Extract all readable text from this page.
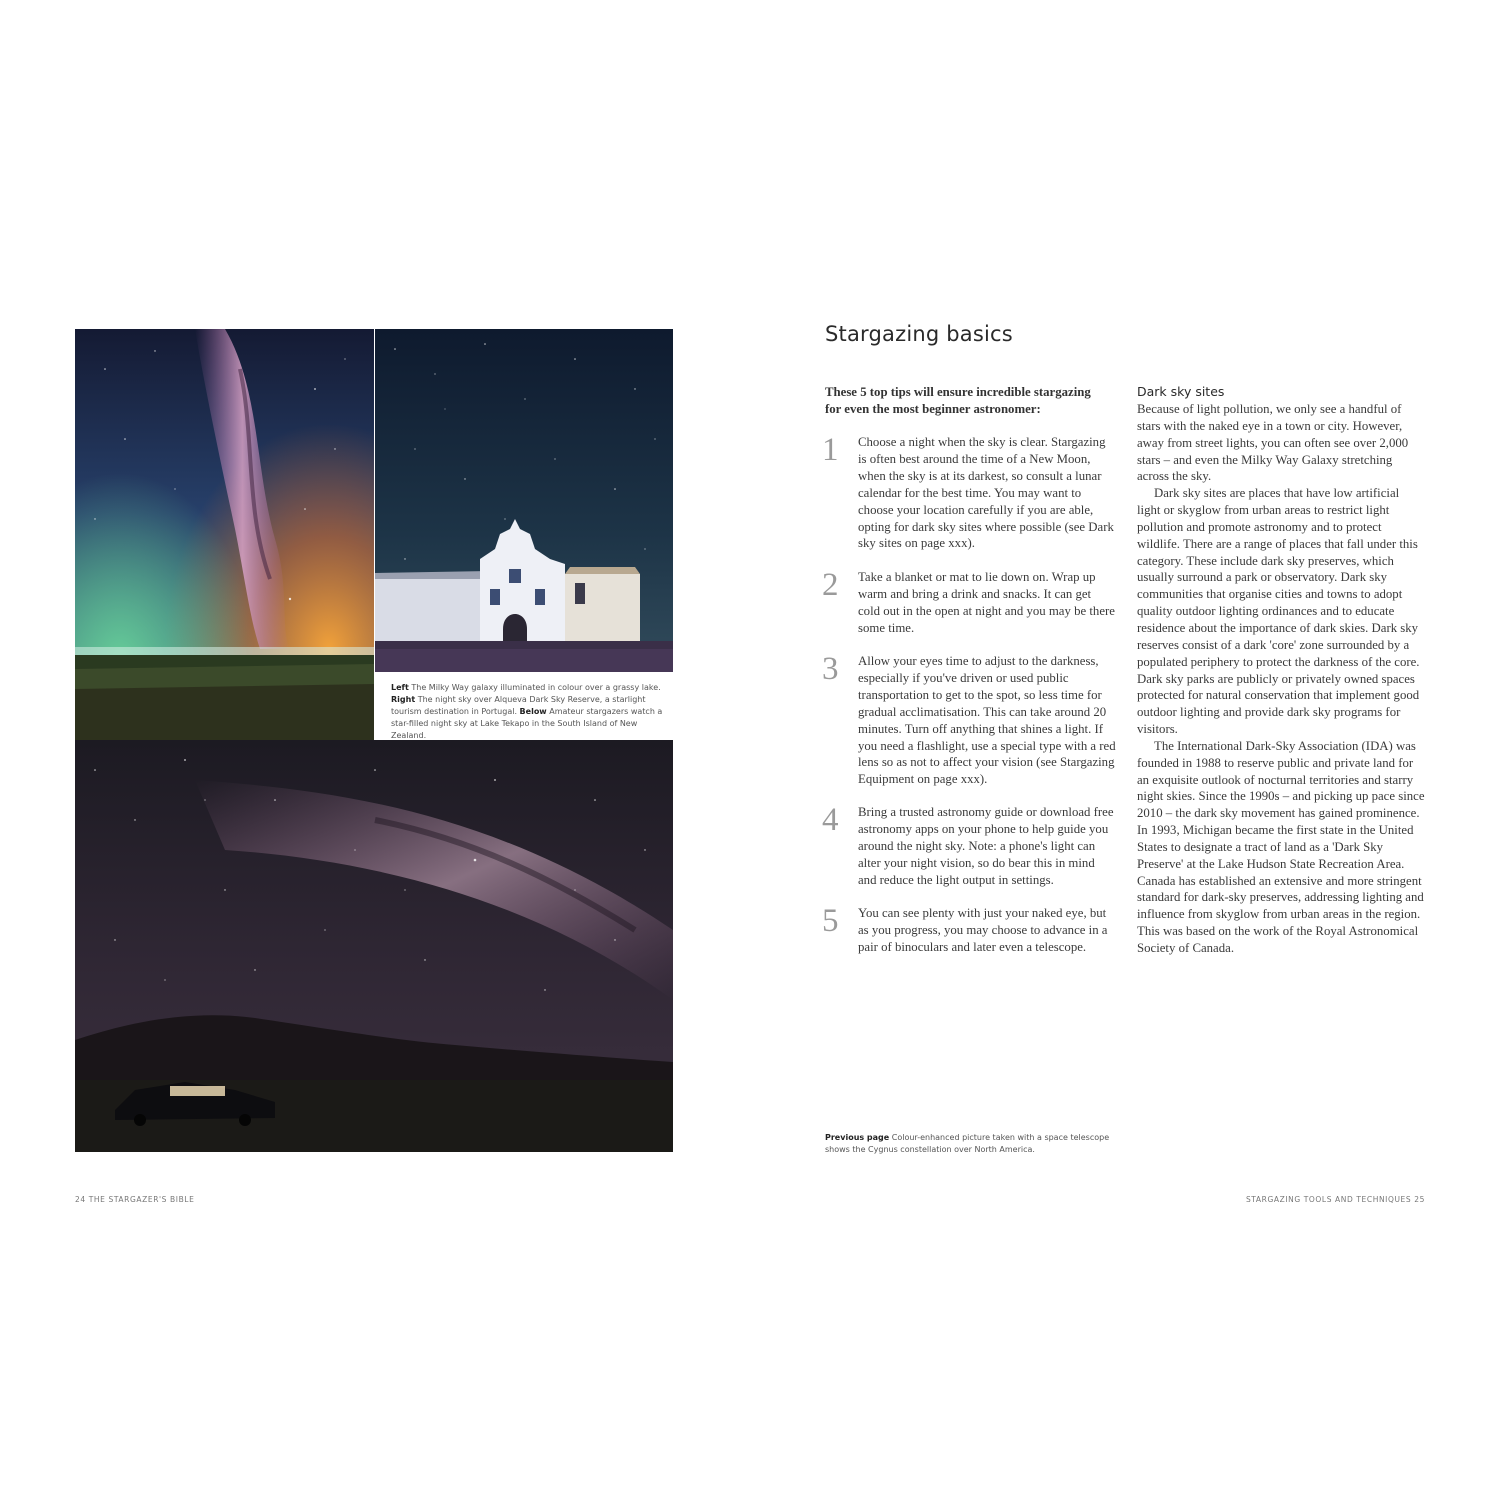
Left The Milky Way galaxy illuminated in colour over a grassy lake.
Right The night sky over Alqueva Dark Sky Reserve, a starlight tourism destination in Portugal. Below Amateur stargazers watch a star-filled night sky at Lake Tekapo in the South Island of New Zealand.
Stargazing basics

These 5 top tips will ensure incredible stargazing for even the most beginner astronomer:

1	Choose a night when the sky is clear. Stargazing is often best around the time of a New Moon, when the sky is at its darkest, so consult a lunar calendar for the best time. You may want to choose your location carefully if you are able, opting for dark sky sites where possible (see Dark sky sites on page xxx).

2	Take a blanket or mat to lie down on. Wrap up warm and bring a drink and snacks. It can get cold out in the open at night and you may be there some time.

3	Allow your eyes time to adjust to the darkness, especially if you've driven or used public transportation to get to the spot, so less time for gradual acclimatisation. This can take around 20 minutes. Turn off anything that shines a light. If you need a flashlight, use a special type with a red lens so as not to affect your vision (see Stargazing Equipment on page xxx).

4	Bring a trusted astronomy guide or download free astronomy apps on your phone to help guide you around the night sky. Note: a phone's light can alter your night vision, so do bear this in mind and reduce the light output in settings.

5	You can see plenty with just your naked eye, but as you progress, you may choose to advance in a pair of binoculars and later even a telescope.

Dark sky sites

Because of light pollution, we only see a handful of stars with the naked eye in a town or city. However, away from street lights, you can often see over 2,000 stars – and even the Milky Way Galaxy stretching across the sky.

Dark sky sites are places that have low artificial light or skyglow from urban areas to restrict light pollution and promote astronomy and to protect wildlife. There are a range of places that fall under this category. These include dark sky preserves, which usually surround a park or observatory. Dark sky communities that organise cities and towns to adopt quality outdoor lighting ordinances and to educate residence about the importance of dark skies. Dark sky reserves consist of a dark 'core' zone surrounded by a populated periphery to protect the darkness of the core. Dark sky parks are publicly or privately owned spaces protected for natural conservation that implement good outdoor lighting and provide dark sky programs for visitors.

The International Dark-Sky Association (IDA) was founded in 1988 to reserve public and private land for an exquisite outlook of nocturnal territories and starry night skies. Since the 1990s – and picking up pace since 2010 – the dark sky movement has gained prominence. In 1993, Michigan became the first state in the United States to designate a tract of land as a 'Dark Sky Preserve' at the Lake Hudson State Recreation Area. Canada has established an extensive and more stringent standard for dark-sky preserves, addressing lighting and influence from skyglow from urban areas in the region. This was based on the work of the Royal Astronomical Society of Canada.

Previous page Colour-enhanced picture taken with a space telescope shows the Cygnus constellation over North America.
24 THE STARGAZER'S BIBLE	STARGAZING TOOLS AND TECHNIQUES 25
